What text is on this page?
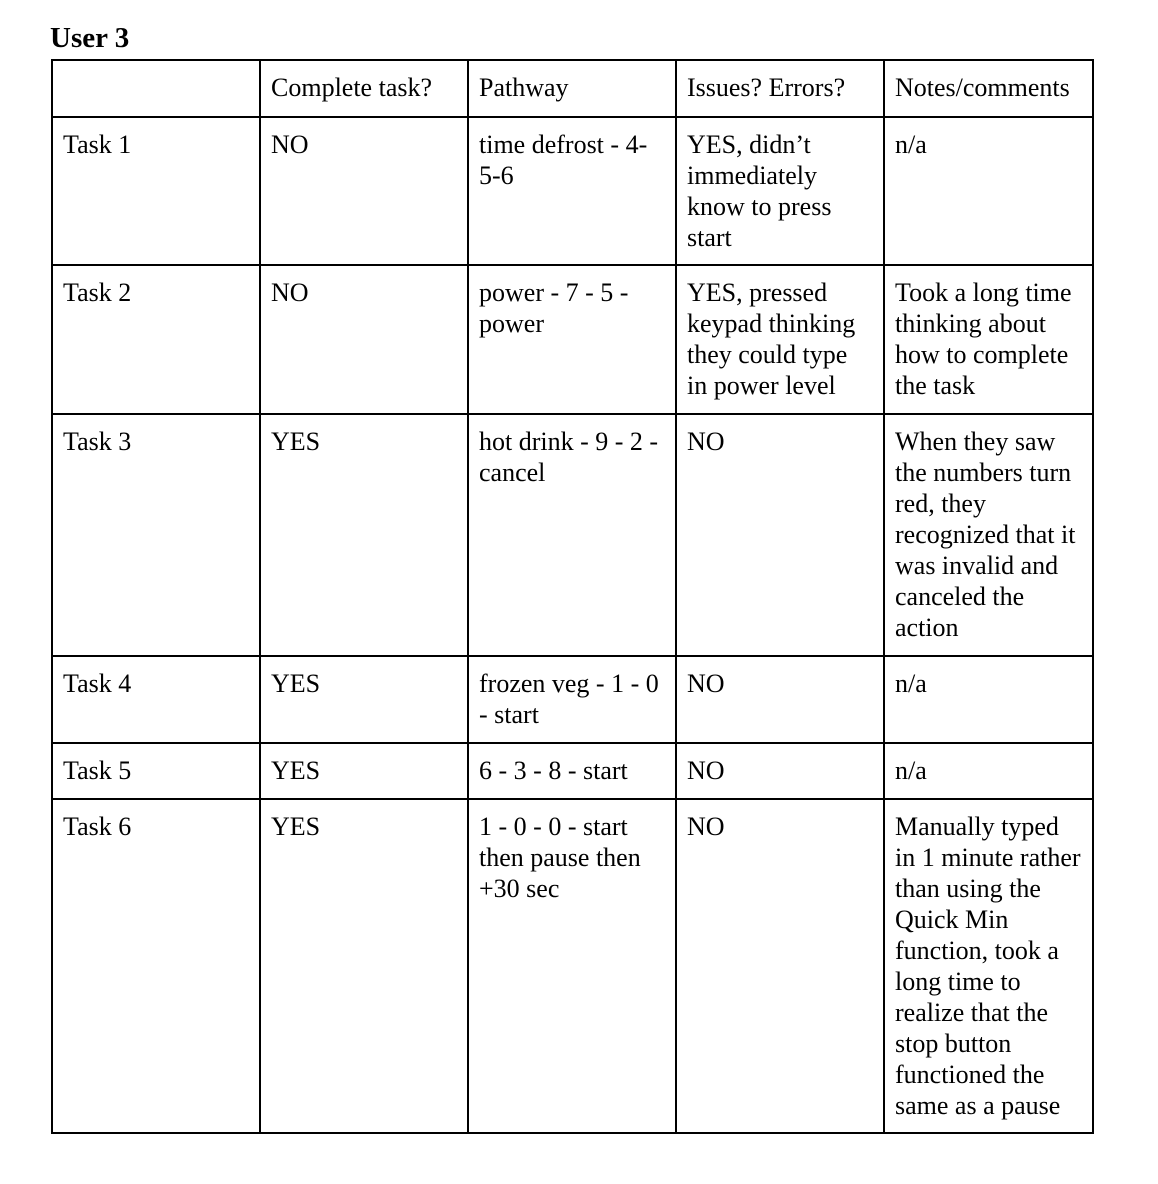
User 3
	Complete task?	Pathway	Issues? Errors?	Notes/comments
Task 1	NO	time defrost - 4-5-6	YES, didn’t immediately know to press start	n/a
Task 2	NO	power - 7 - 5 - power	YES, pressed keypad thinking they could type in power level	Took a long time thinking about how to complete the task
Task 3	YES	hot drink - 9 - 2 - cancel	NO	When they saw the numbers turn red, they recognized that it was invalid and canceled the action
Task 4	YES	frozen veg - 1 - 0 - start	NO	n/a
Task 5	YES	6 - 3 - 8 - start	NO	n/a
Task 6	YES	1 - 0 - 0 - start then pause then +30 sec	NO	Manually typed in 1 minute rather than using the Quick Min function, took a long time to realize that the stop button functioned the same as a pause
